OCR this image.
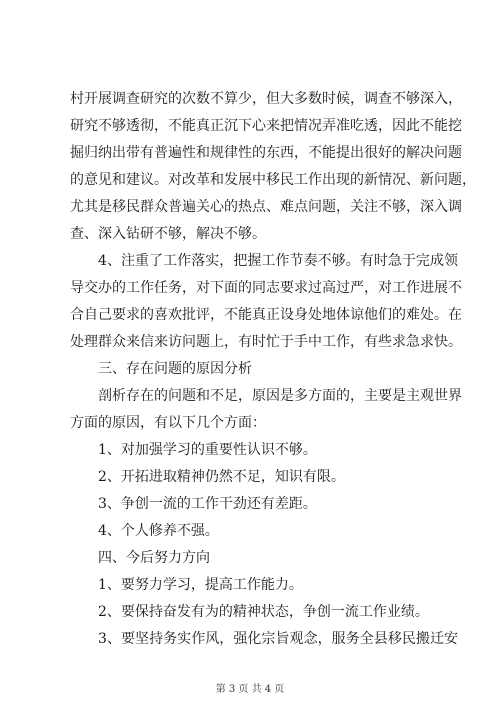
村开展调查研究的次数不算少，但大多数时候，调查不够深入，
研究不够透彻，不能真正沉下心来把情况弄准吃透，因此不能挖
掘归纳出带有普遍性和规律性的东西，不能提出很好的解决问题
的意见和建议。对改革和发展中移民工作出现的新情况、新问题，
尤其是移民群众普遍关心的热点、难点问题，关注不够，深入调
查、深入钻研不够，解决不够。
4、注重了工作落实，把握工作节奏不够。有时急于完成领
导交办的工作任务，对下面的同志要求过高过严，对工作进展不
合自己要求的喜欢批评，不能真正设身处地体谅他们的难处。在
处理群众来信来访问题上，有时忙于手中工作，有些求急求快。
三、存在问题的原因分析
剖析存在的问题和不足，原因是多方面的，主要是主观世界
方面的原因，有以下几个方面：
1、对加强学习的重要性认识不够。
2、开拓进取精神仍然不足，知识有限。
3、争创一流的工作干劲还有差距。
4、个人修养不强。
四、今后努力方向
1、要努力学习，提高工作能力。
2、要保持奋发有为的精神状态，争创一流工作业绩。
3、要坚持务实作风，强化宗旨观念，服务全县移民搬迁安
第 3 页 共 4 页
